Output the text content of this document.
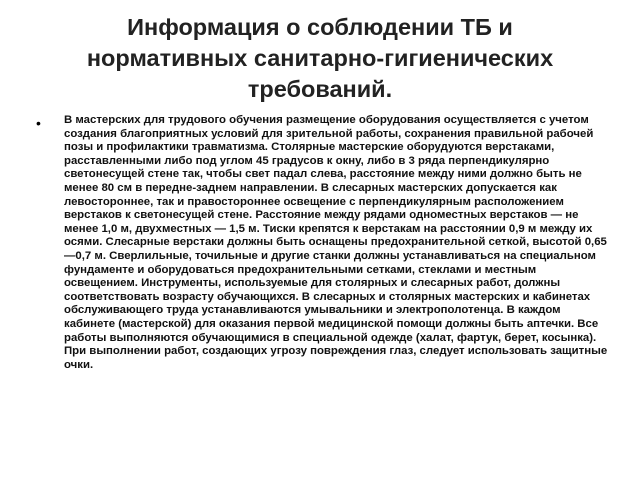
Информация о соблюдении ТБ и
нормативных санитарно-гигиенических
требований.
• В мастерских для трудового обучения размещение оборудования осуществляется с учетом создания благоприятных условий для зрительной работы, сохранения правильной рабочей позы и профилактики травматизма. Столярные мастерские оборудуются верстаками, расставленными либо под углом 45 градусов к окну, либо в 3 ряда перпендикулярно светонесущей стене так, чтобы свет падал слева, расстояние между ними должно быть не менее 80 см в передне-заднем направлении. В слесарных мастерских допускается как левостороннее, так и правостороннее освещение с перпендикулярным расположением верстаков к светонесущей стене. Расстояние между рядами одноместных верстаков — не менее 1,0 м, двухместных — 1,5 м. Тиски крепятся к верстакам на расстоянии 0,9 м между их осями. Слесарные верстаки должны быть оснащены предохранительной сеткой, высотой 0,65—0,7 м. Сверлильные, точильные и другие станки должны устанавливаться на специальном фундаменте и оборудоваться предохранительными сетками, стеклами и местным освещением. Инструменты, используемые для столярных и слесарных работ, должны соответствовать возрасту обучающихся. В слесарных и столярных мастерских и кабинетах обслуживающего труда устанавливаются умывальники и электрополотенца. В каждом кабинете (мастерской) для оказания первой медицинской помощи должны быть аптечки. Все работы выполняются обучающимися в специальной одежде (халат, фартук, берет, косынка). При выполнении работ, создающих угрозу повреждения глаз, следует использовать защитные очки.
